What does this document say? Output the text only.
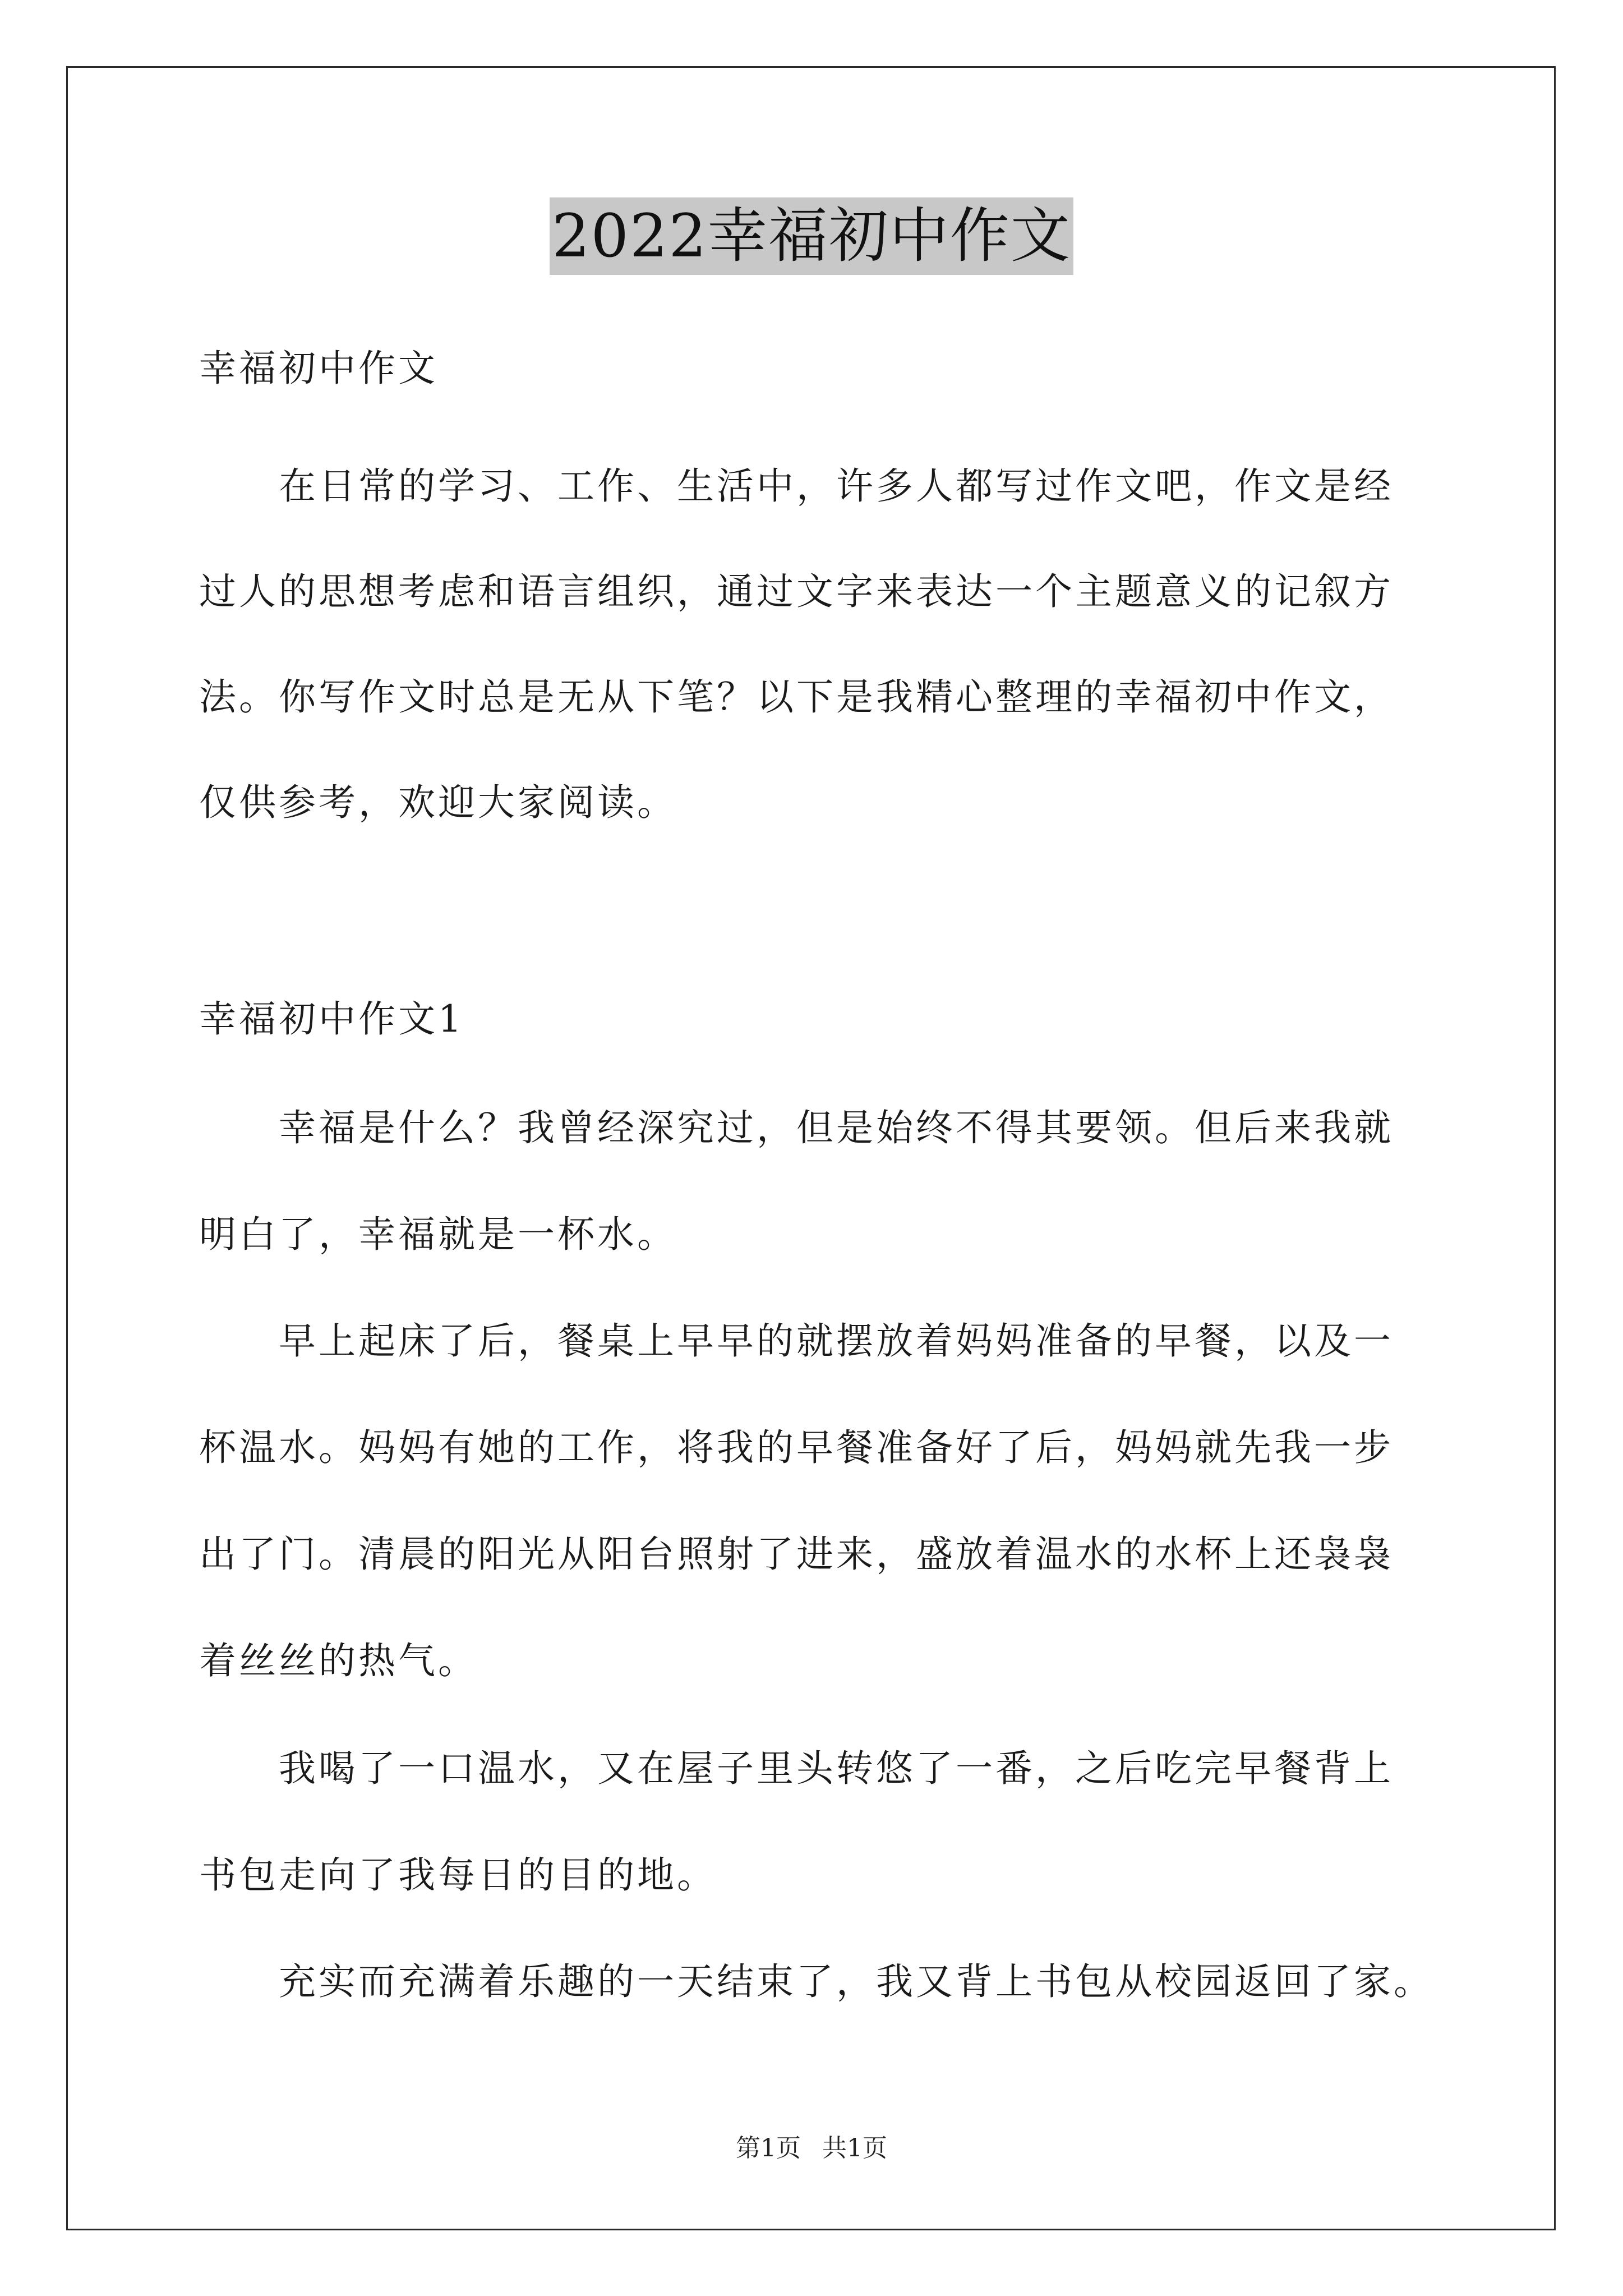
2022幸福初中作文
幸福初中作文
　　在日常的学习、工作、生活中，许多人都写过作文吧，作文是经
过人的思想考虑和语言组织，通过文字来表达一个主题意义的记叙方
法。你写作文时总是无从下笔？以下是我精心整理的幸福初中作文，
仅供参考，欢迎大家阅读。
幸福初中作文1
　　幸福是什么？我曾经深究过，但是始终不得其要领。但后来我就
明白了，幸福就是一杯水。
　　早上起床了后，餐桌上早早的就摆放着妈妈准备的早餐，以及一
杯温水。妈妈有她的工作，将我的早餐准备好了后，妈妈就先我一步
出了门。清晨的阳光从阳台照射了进来，盛放着温水的水杯上还袅袅
着丝丝的热气。
　　我喝了一口温水，又在屋子里头转悠了一番，之后吃完早餐背上
书包走向了我每日的目的地。
　　充实而充满着乐趣的一天结束了，我又背上书包从校园返回了家。
第1页 共1页
